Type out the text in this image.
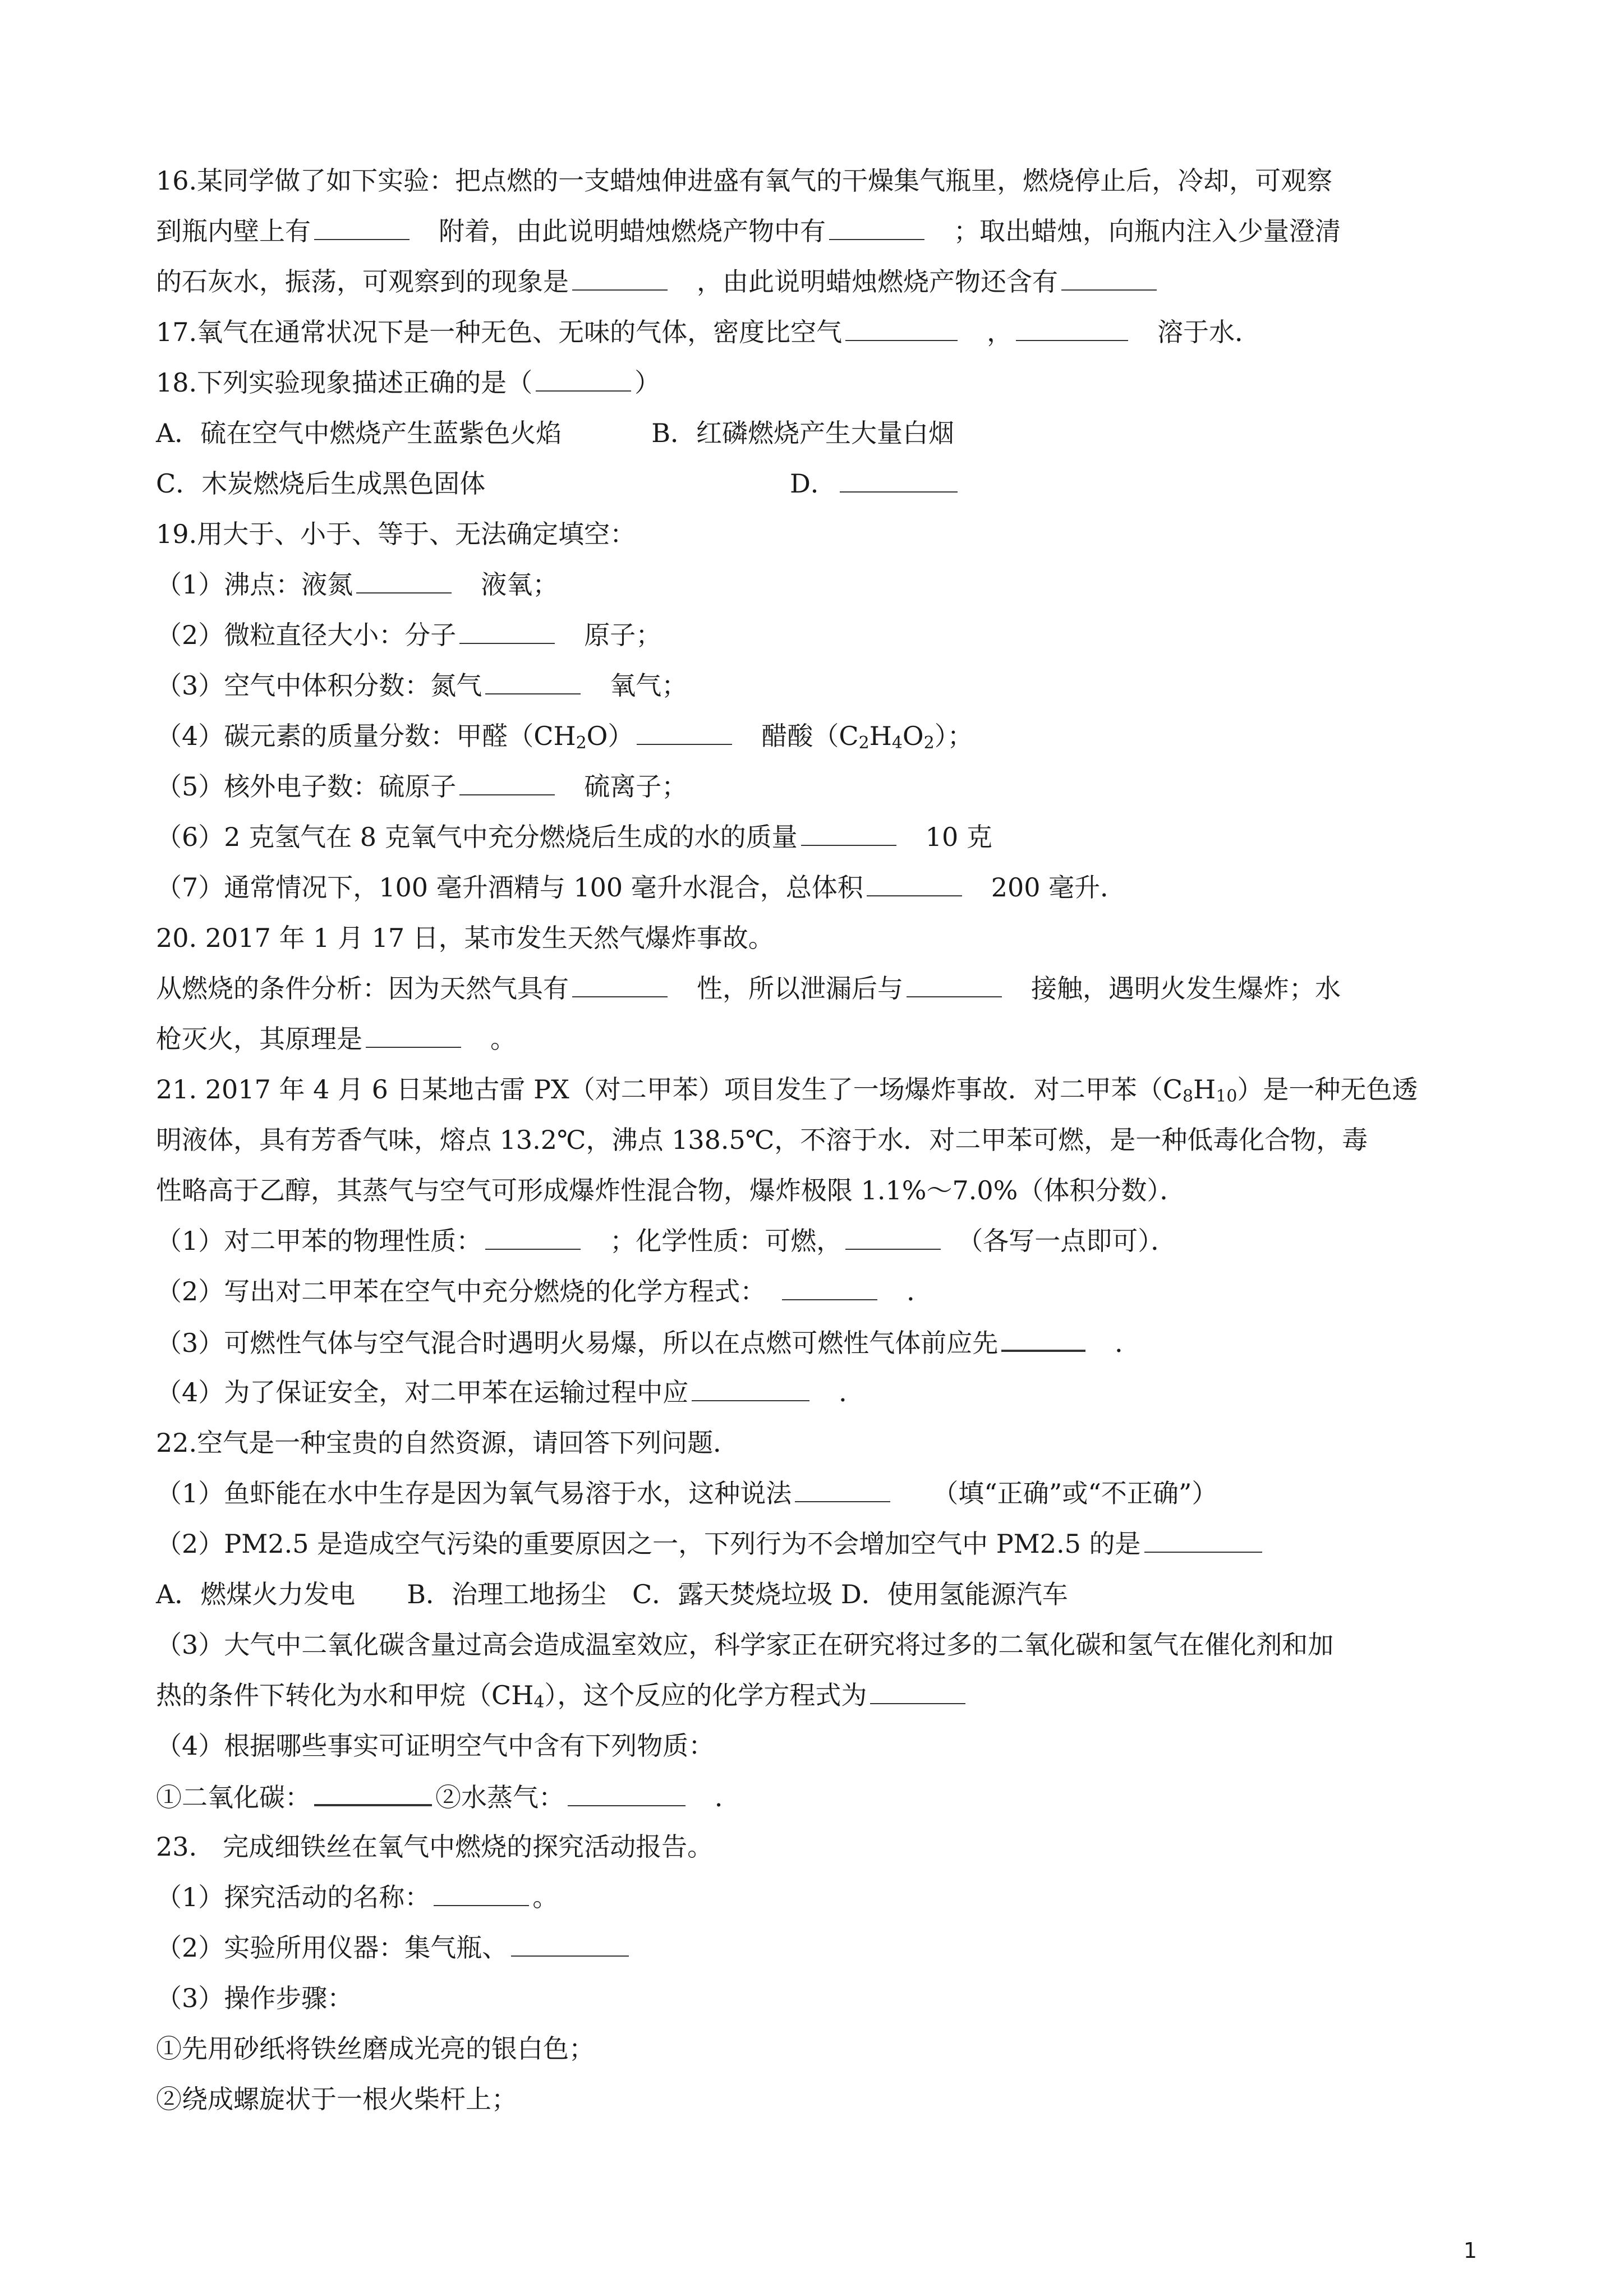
16.某同学做了如下实验：把点燃的一支蜡烛伸进盛有氧气的干燥集气瓶里，燃烧停止后，冷却，可观察
到瓶内壁上有　	附着，由此说明蜡烛燃烧产物中有　	；取出蜡烛，向瓶内注入少量澄清
的石灰水，振荡，可观察到的现象是　	，由此说明蜡烛燃烧产物还含有
17.氧气在通常状况下是一种无色、无味的气体，密度比空气　	，　	溶于水．
18.下列实验现象描述正确的是（	）
A．硫在空气中燃烧产生蓝紫色火焰	B．红磷燃烧产生大量白烟
C．木炭燃烧后生成黑色固体	D．
19.用大于、小于、等于、无法确定填空：
（1）沸点：液氮　	液氧；
（2）微粒直径大小：分子　	原子；
（3）空气中体积分数：氮气　	氧气；
（4）碳元素的质量分数：甲醛$(CH_2O)$　	醋酸$(C_2H_4O_2)$；
（5）核外电子数：硫原子　	硫离子；
（6）2 克氢气在 8 克氧气中充分燃烧后生成的水的质量　	10 克
（7）通常情况下，100 毫升酒精与 100 毫升水混合，总体积　	200 毫升．
20. 2017 年 1 月 17 日，某市发生天然气爆炸事故。
从燃烧的条件分析：因为天然气具有　	性，所以泄漏后与　	接触，遇明火发生爆炸；水
枪灭火，其原理是　	。
21. 2017 年 4 月 6 日某地古雷 PX（对二甲苯）项目发生了一场爆炸事故．对二甲苯$(C_8H_{10})$是一种无色透
明液体，具有芳香气味，熔点 13.2℃，沸点 138.5℃，不溶于水．对二甲苯可燃，是一种低毒化合物，毒
性略高于乙醇，其蒸气与空气可形成爆炸性混合物，爆炸极限 1.1%～7.0%（体积分数）．
（1）对二甲苯的物理性质：　	；化学性质：可燃，　	（各写一点即可）．
（2）写出对二甲苯在空气中充分燃烧的化学方程式：　　	．
（3）可燃性气体与空气混合时遇明火易爆，所以在点燃可燃性气体前应先　	．
（4）为了保证安全，对二甲苯在运输过程中应　	．
22.空气是一种宝贵的自然资源，请回答下列问题．
（1）鱼虾能在水中生存是因为氧气易溶于水，这种说法　　	（填“正确”或“不正确”）
（2）PM2.5 是造成空气污染的重要原因之一，下列行为不会增加空气中 PM2.5 的是
A．燃煤火力发电　　B．治理工地扬尘　C．露天焚烧垃圾 D．使用氢能源汽车
（3）大气中二氧化碳含量过高会造成温室效应，科学家正在研究将过多的二氧化碳和氢气在催化剂和加
热的条件下转化为水和甲烷$(CH_4)$，这个反应的化学方程式为
（4）根据哪些事实可证明空气中含有下列物质：
①二氧化碳：	②水蒸气：　	．
23.　完成细铁丝在氧气中燃烧的探究活动报告。
（1）探究活动的名称：	。
（2）实验所用仪器：集气瓶、
（3）操作步骤：
①先用砂纸将铁丝磨成光亮的银白色；
②绕成螺旋状于一根火柴杆上；
1
